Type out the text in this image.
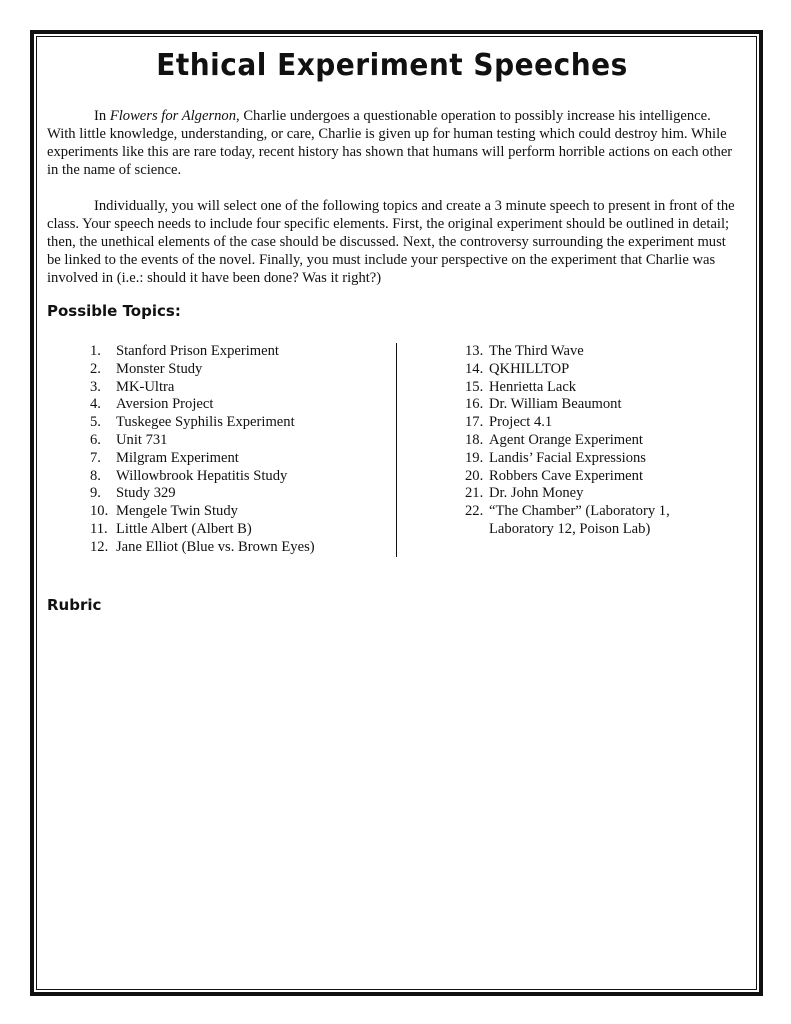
Ethical Experiment Speeches

In Flowers for Algernon, Charlie undergoes a questionable operation to possibly increase his intelligence. With little knowledge, understanding, or care, Charlie is given up for human testing which could destroy him. While experiments like this are rare today, recent history has shown that humans will perform horrible actions on each other in the name of science.

Individually, you will select one of the following topics and create a 3 minute speech to present in front of the class. Your speech needs to include four specific elements. First, the original experiment should be outlined in detail; then, the unethical elements of the case should be discussed. Next, the controversy surrounding the experiment must be linked to the events of the novel. Finally, you must include your perspective on the experiment that Charlie was involved in (i.e.: should it have been done? Was it right?)

Possible Topics:
1.	Stanford Prison Experiment
2.	Monster Study
3.	MK-Ultra
4.	Aversion Project
5.	Tuskegee Syphilis Experiment
6.	Unit 731
7.	Milgram Experiment
8.	Willowbrook Hepatitis Study
9.	Study 329
10. Mengele Twin Study
11. Little Albert (Albert B)
12. Jane Elliot (Blue vs. Brown Eyes)
13. The Third Wave
14. QKHILLTOP
15. Henrietta Lack
16. Dr. William Beaumont
17. Project 4.1
18. Agent Orange Experiment
19. Landis’ Facial Expressions
20. Robbers Cave Experiment
21. Dr. John Money
22. “The Chamber” (Laboratory 1,
Laboratory 12, Poison Lab)
Rubric
